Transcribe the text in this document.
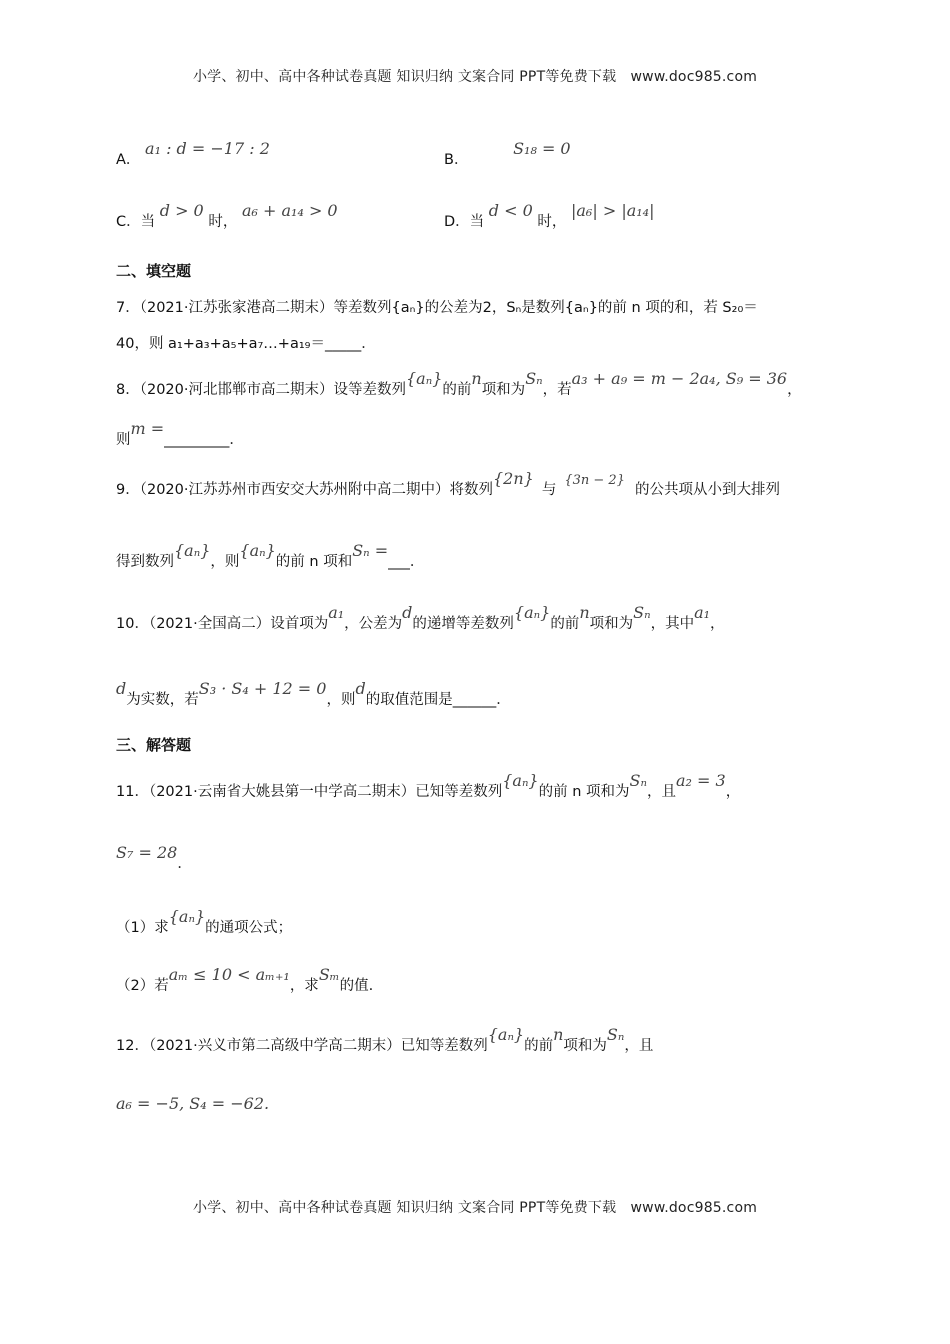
小学、初中、高中各种试卷真题 知识归纳 文案合同 PPT等免费下载　www.doc985.com
A． a₁ : d = −17 : 2
B． S₁₈ = 0
C．当 d > 0 时， a₆ + a₁₄ > 0
D．当 d < 0 时， |a₆| > |a₁₄|
二、填空题
7．（2021·江苏张家港高二期末）等差数列{aₙ}的公差为2，Sₙ是数列{aₙ}的前 n 项的和，若 S₂₀＝
40，则 a₁+a₃+a₅+a₇…+a₁₉＝_____．
8．（2020·河北邯郸市高二期末）设等差数列{aₙ}的前n项和为Sₙ，若a₃ + a₉ = m − 2a₄, S₉ = 36，
则m =_________．
9．（2020·江苏苏州市西安交大苏州附中高二期中）将数列{2n}与{3n − 2}的公共项从小到大排列
得到数列{aₙ}，则{aₙ}的前 n 项和Sₙ =___．
10．（2021·全国高二）设首项为a₁，公差为d的递增等差数列{aₙ}的前n项和为Sₙ，其中a₁，
d为实数，若S₃ · S₄ + 12 = 0，则d的取值范围是______．
三、解答题
11．（2021·云南省大姚县第一中学高二期末）已知等差数列{aₙ}的前 n 项和为Sₙ，且a₂ = 3，
S₇ = 28．
（1）求{aₙ}的通项公式；
（2）若aₘ ≤ 10 < aₘ₊₁，求Sₘ的值.
12．（2021·兴义市第二高级中学高二期末）已知等差数列{aₙ}的前n项和为Sₙ，且
a₆ = −5, S₄ = −62.
小学、初中、高中各种试卷真题 知识归纳 文案合同 PPT等免费下载　www.doc985.com
